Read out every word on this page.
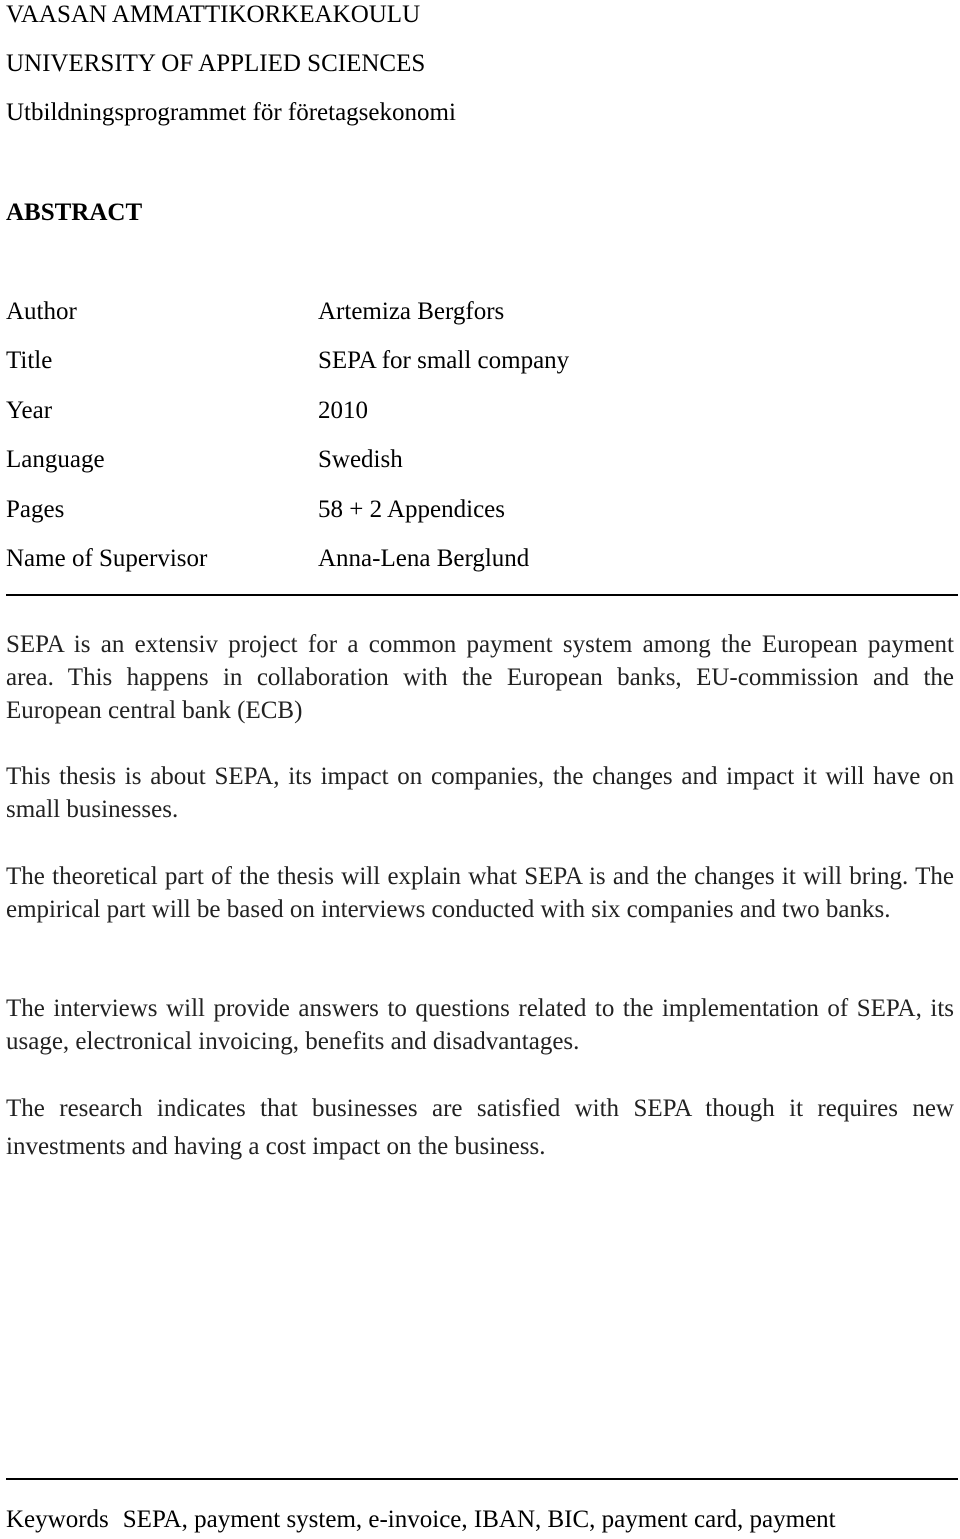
VAASAN AMMATTIKORKEAKOULU
UNIVERSITY OF APPLIED SCIENCES
Utbildningsprogrammet för företagsekonomi
ABSTRACT
Author	Artemiza Bergfors
Title	SEPA for small company
Year	2010
Language	Swedish
Pages	58 + 2 Appendices
Name of Supervisor	Anna-Lena Berglund
SEPA is an extensiv project for a common payment system among the European payment area. This happens in collaboration with the European banks, EU-commission and the European central bank (ECB)
This thesis is about SEPA, its impact on companies, the changes and impact it will have on small businesses.
The theoretical part of the thesis will explain what SEPA is and the changes it will bring. The empirical part will be based on interviews conducted with six companies and two banks.
The interviews will provide answers to questions related to the implementation of SEPA, its usage, electronical invoicing, benefits and disadvantages.
The research indicates that businesses are satisfied with SEPA though it requires new investments and having a cost impact on the business.
Keywords SEPA, payment system, e-invoice, IBAN, BIC, payment card, payment
